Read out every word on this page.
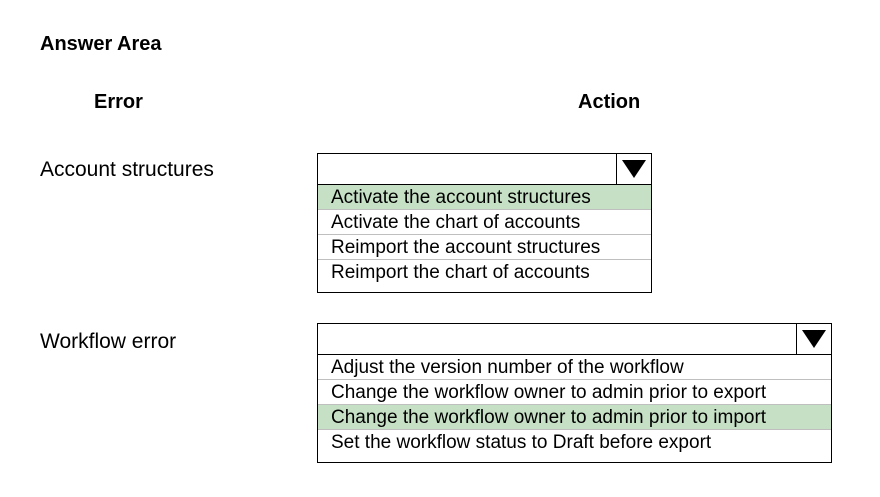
Answer Area
Error	Action
Account structures
Activate the account structures
Activate the chart of accounts
Reimport the account structures
Reimport the chart of accounts
Workflow error
Adjust the version number of the workflow
Change the workflow owner to admin prior to export
Change the workflow owner to admin prior to import
Set the workflow status to Draft before export
